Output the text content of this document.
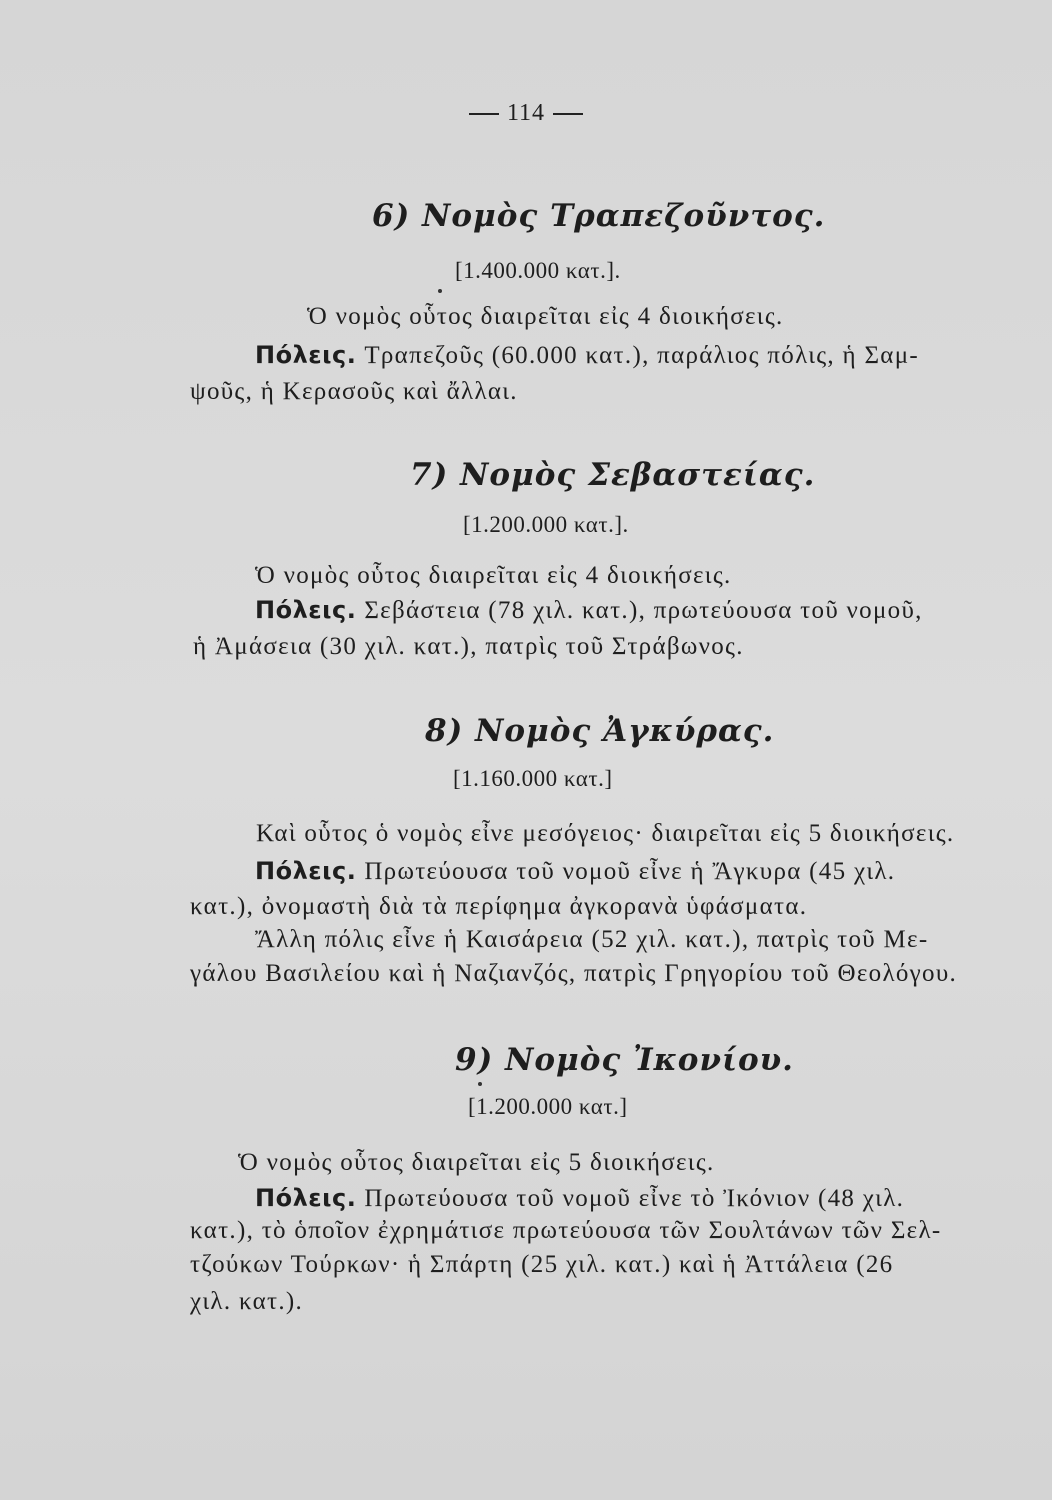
114
6) Νομὸς Τραπεζοῦντος.
[1.400.000 κατ.].
Ὁ νομὸς οὗτος διαιρεῖται εἰς 4 διοικήσεις.
Πόλεις. Τραπεζοῦς (60.000 κατ.), παράλιος πόλις, ἡ Σαμ-
ψοῦς, ἡ Κερασοῦς καὶ ἄλλαι.
7) Νομὸς Σεβαστείας.
[1.200.000 κατ.].
Ὁ νομὸς οὗτος διαιρεῖται εἰς 4 διοικήσεις.
Πόλεις. Σεβάστεια (78 χιλ. κατ.), πρωτεύουσα τοῦ νομοῦ,
ἡ Ἀμάσεια (30 χιλ. κατ.), πατρὶς τοῦ Στράβωνος.
8) Νομὸς Ἀγκύρας.
[1.160.000 κατ.]
Καὶ οὗτος ὁ νομὸς εἶνε μεσόγειος· διαιρεῖται εἰς 5 διοικήσεις.
Πόλεις. Πρωτεύουσα τοῦ νομοῦ εἶνε ἡ Ἄγκυρα (45 χιλ.
κατ.), ὀνομαστὴ διὰ τὰ περίφημα ἀγκορανὰ ὑφάσματα.
Ἄλλη πόλις εἶνε ἡ Καισάρεια (52 χιλ. κατ.), πατρὶς τοῦ Με-
γάλου Βασιλείου καὶ ἡ Ναζιανζός, πατρὶς Γρηγορίου τοῦ Θεολόγου.
9) Νομὸς Ἰκονίου.
[1.200.000 κατ.]
Ὁ νομὸς οὗτος διαιρεῖται εἰς 5 διοικήσεις.
Πόλεις. Πρωτεύουσα τοῦ νομοῦ εἶνε τὸ Ἰκόνιον (48 χιλ.
κατ.), τὸ ὁποῖον ἐχρημάτισε πρωτεύουσα τῶν Σουλτάνων τῶν Σελ-
τζούκων Τούρκων· ἡ Σπάρτη (25 χιλ. κατ.) καὶ ἡ Ἀττάλεια (26
χιλ. κατ.).
